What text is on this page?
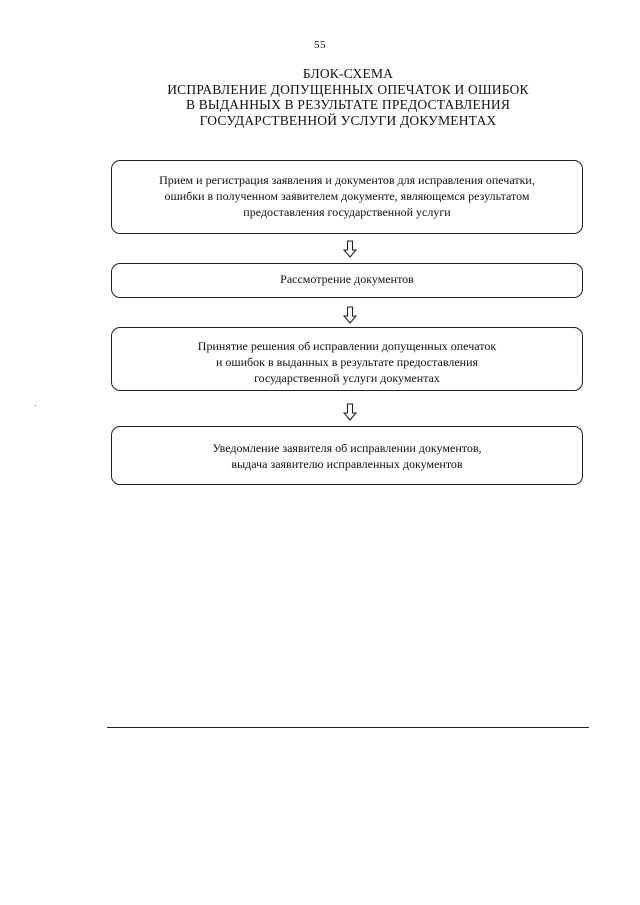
55
БЛОК-СХЕМА
ИСПРАВЛЕНИЕ ДОПУЩЕННЫХ ОПЕЧАТОК И ОШИБОК
В ВЫДАННЫХ В РЕЗУЛЬТАТЕ ПРЕДОСТАВЛЕНИЯ
ГОСУДАРСТВЕННОЙ УСЛУГИ ДОКУМЕНТАХ
Прием и регистрация заявления и документов для исправления опечатки,
ошибки в полученном заявителем документе, являющемся результатом
предоставления государственной услуги
Рассмотрение документов
Принятие решения об исправлении допущенных опечаток
и ошибок в выданных в результате предоставления
государственной услуги документах
Уведомление заявителя об исправлении документов,
выдача заявителю исправленных документов
